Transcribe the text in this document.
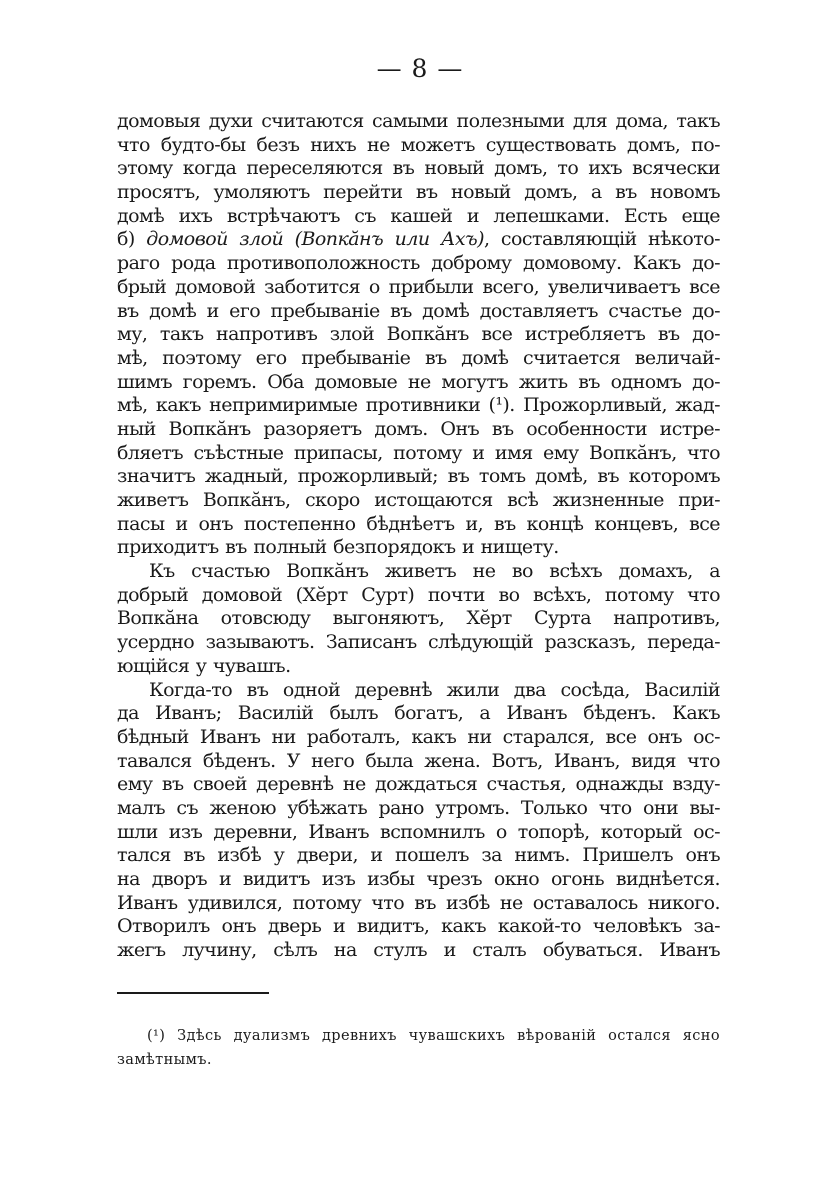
— 8 —
домовыя духи считаются самыми полезными для дома, такъ
что будто-бы безъ нихъ не можетъ существовать домъ, по-
этому когда переселяются въ новый домъ, то ихъ всячески
просятъ, умоляютъ перейти въ новый домъ, а въ новомъ
домѣ ихъ встрѣчаютъ съ кашей и лепешками. Есть еще
б) домовой злой (Вопкăнъ или Ахъ), составляющiй нѣкото-
раго рода противоположность доброму домовому. Какъ до-
брый домовой заботится о прибыли всего, увеличиваетъ все
въ домѣ и его пребыванiе въ домѣ доставляетъ счастье до-
му, такъ напротивъ злой Вопкăнъ все истребляетъ въ до-
мѣ, поэтому его пребыванiе въ домѣ считается величай-
шимъ горемъ. Оба домовые не могутъ жить въ одномъ до-
мѣ, какъ непримиримые противники (¹). Прожорливый, жад-
ный Вопкăнъ разоряетъ домъ. Онъ въ особенности истре-
бляетъ съѣстные припасы, потому и имя ему Вопкăнъ, что
значитъ жадный, прожорливый; въ томъ домѣ, въ которомъ
живетъ Вопкăнъ, скоро истощаются всѣ жизненные при-
пасы и онъ постепенно бѣднѣетъ и, въ концѣ концевъ, все
приходитъ въ полный безпорядокъ и нищету.
Къ счастью Вопкăнъ живетъ не во всѣхъ домахъ, а
добрый домовой (Хĕрт Сурт) почти во всѣхъ, потому что
Вопкăна отовсюду выгоняютъ, Хĕрт Сурта напротивъ,
усердно зазываютъ. Записанъ слѣдующiй разсказъ, переда-
ющiйся у чувашъ.
Когда-то въ одной деревнѣ жили два сосѣда, Василiй
да Иванъ; Василiй былъ богатъ, а Иванъ бѣденъ. Какъ
бѣдный Иванъ ни работалъ, какъ ни старался, все онъ ос-
тавался бѣденъ. У него была жена. Вотъ, Иванъ, видя что
ему въ своей деревнѣ не дождаться счастья, однажды взду-
малъ съ женою убѣжать рано утромъ. Только что они вы-
шли изъ деревни, Иванъ вспомнилъ о топорѣ, который ос-
тался въ избѣ у двери, и пошелъ за нимъ. Пришелъ онъ
на дворъ и видитъ изъ избы чрезъ окно огонь виднѣется.
Иванъ удивился, потому что въ избѣ не оставалось никого.
Отворилъ онъ дверь и видитъ, какъ какой-то человѣкъ за-
жегъ лучину, сѣлъ на стулъ и сталъ обуваться. Иванъ
(¹) Здѣсь дуализмъ древнихъ чувашскихъ вѣрованiй остался ясно
замѣтнымъ.
